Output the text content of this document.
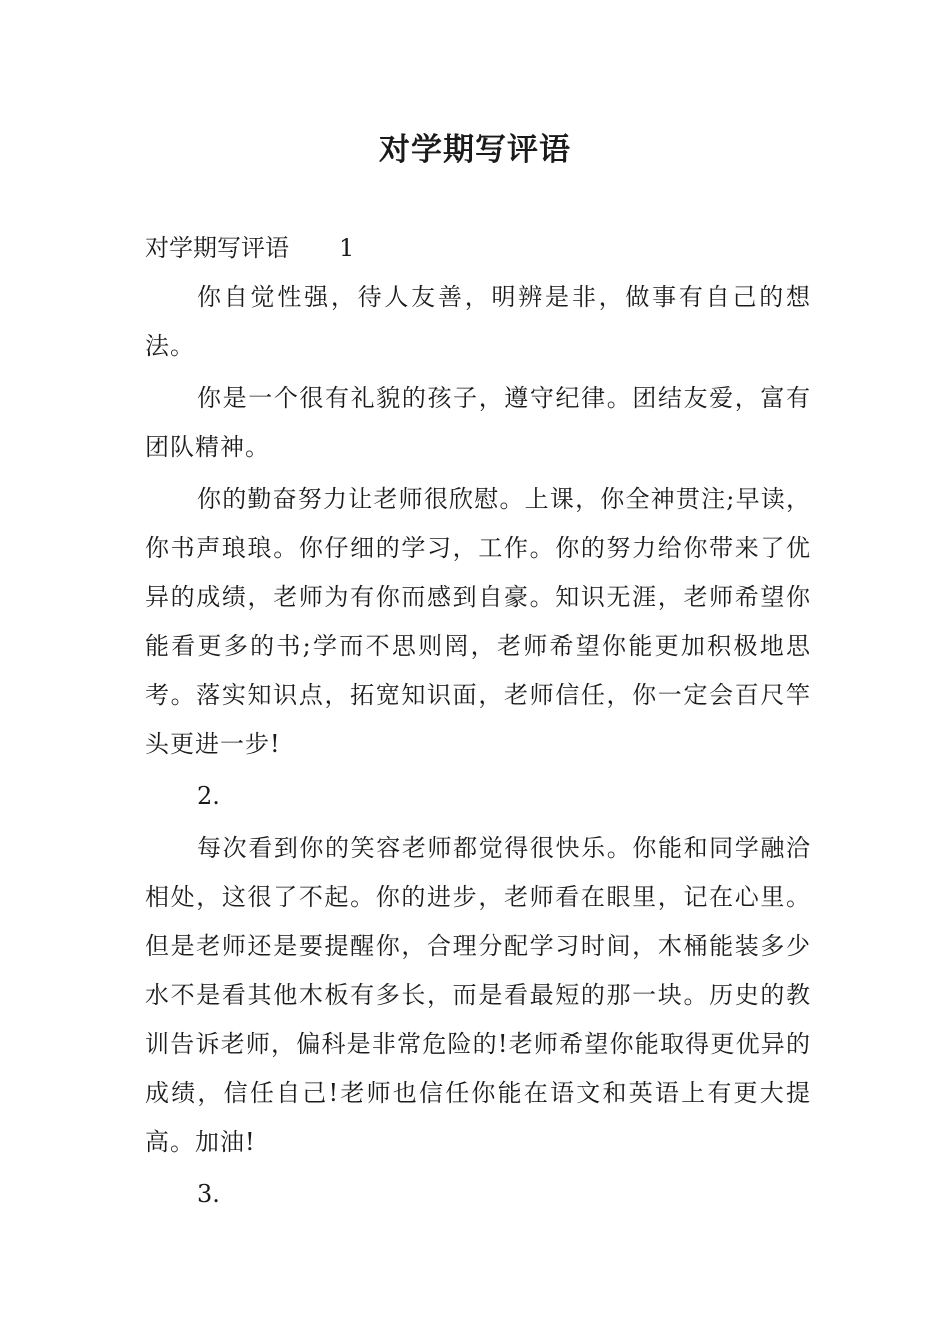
对学期写评语
对学期写评语 1

你自觉性强，待人友善，明辨是非，做事有自己的想法。

你是一个很有礼貌的孩子，遵守纪律。团结友爱，富有团队精神。

你的勤奋努力让老师很欣慰。上课，你全神贯注;早读，你书声琅琅。你仔细的学习，工作。你的努力给你带来了优异的成绩，老师为有你而感到自豪。知识无涯，老师希望你能看更多的书;学而不思则罔，老师希望你能更加积极地思考。落实知识点，拓宽知识面，老师信任，你一定会百尺竿头更进一步!

2.

每次看到你的笑容老师都觉得很快乐。你能和同学融洽相处，这很了不起。你的进步，老师看在眼里，记在心里。但是老师还是要提醒你，合理分配学习时间，木桶能装多少水不是看其他木板有多长，而是看最短的那一块。历史的教训告诉老师，偏科是非常危险的!老师希望你能取得更优异的成绩，信任自己!老师也信任你能在语文和英语上有更大提高。加油!

3.
